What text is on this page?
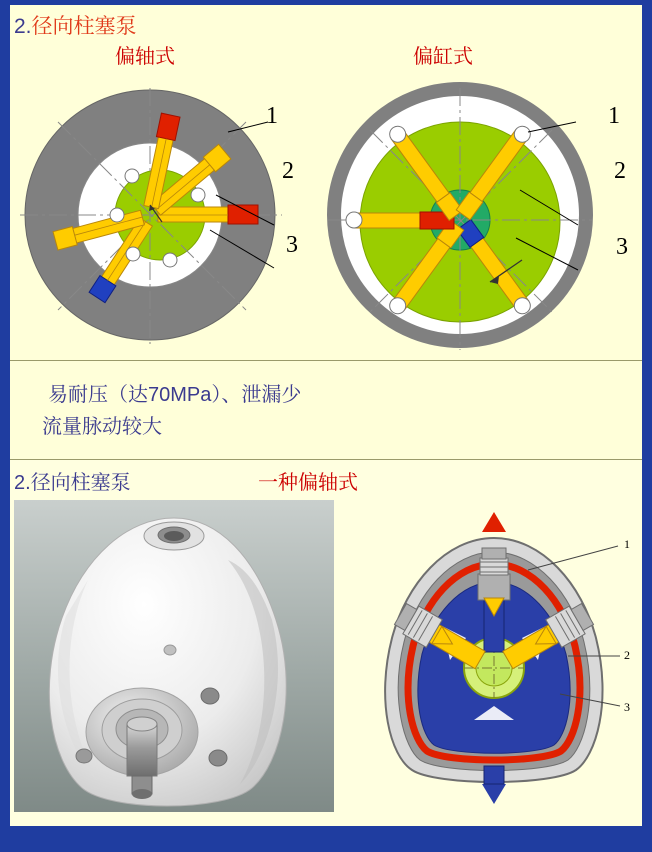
2.径向柱塞泵
偏轴式	偏缸式
1
2
3
1
2
3
易耐压（达70MPa）、泄漏少
流量脉动较大
2.径向柱塞泵	一种偏轴式
1
2
3
